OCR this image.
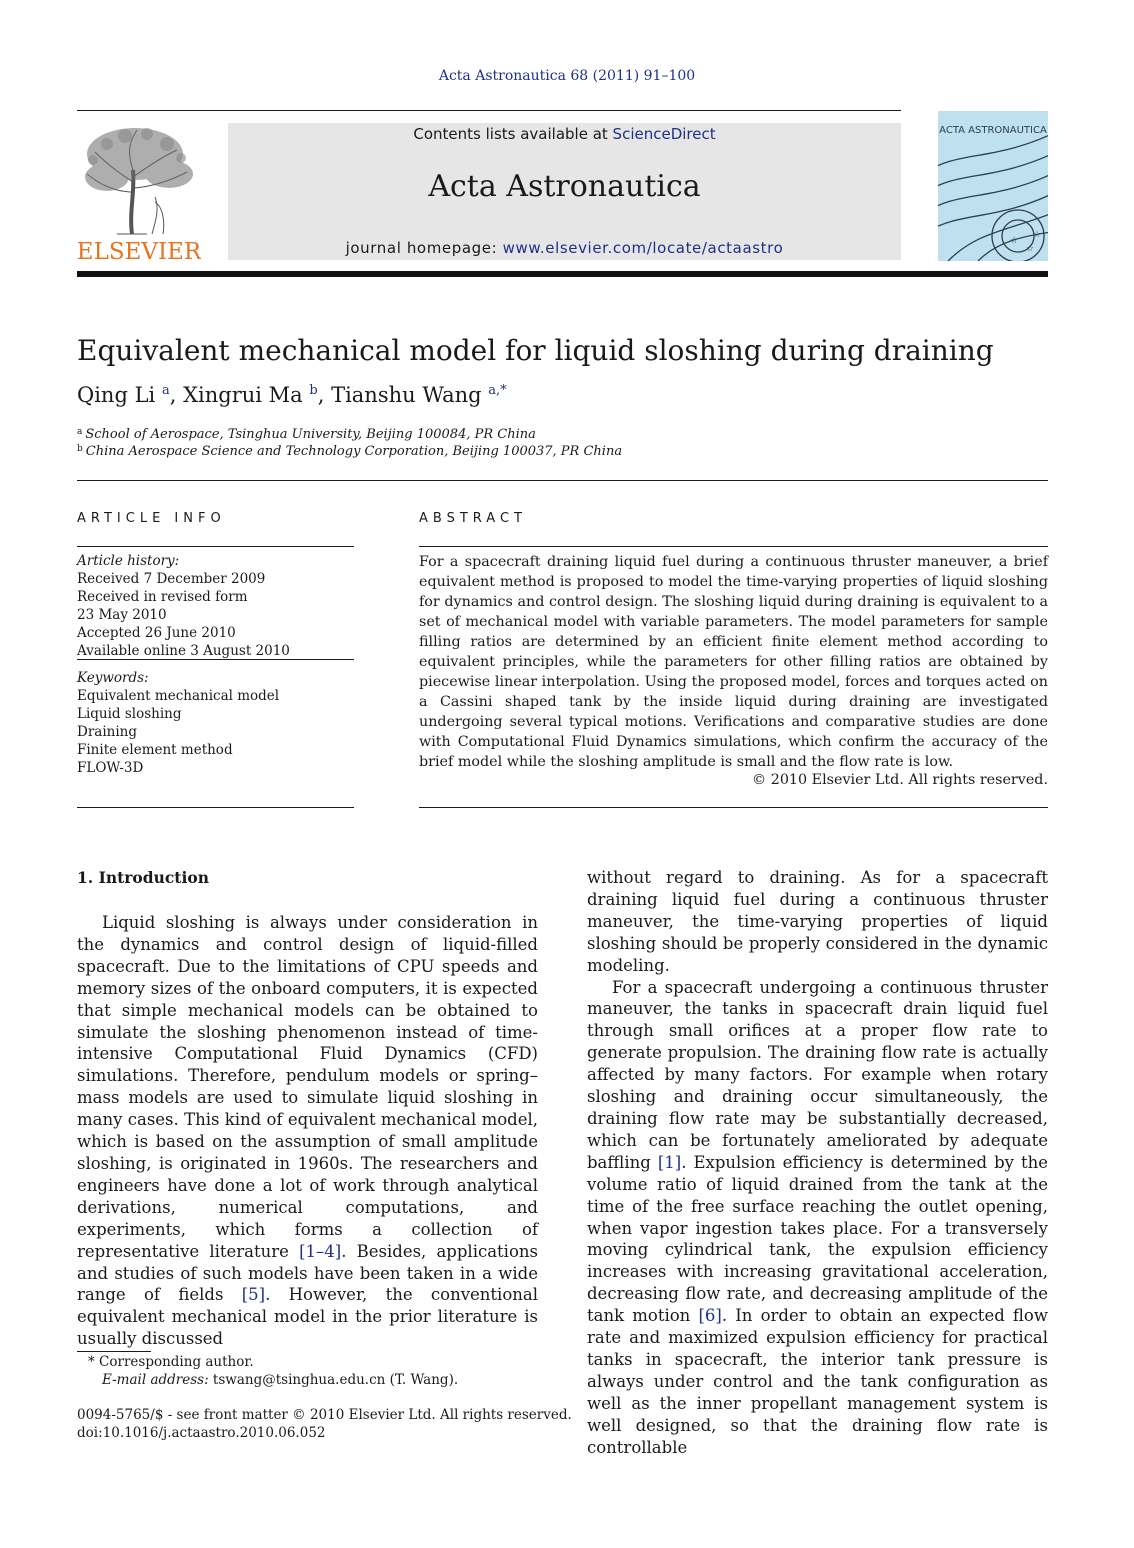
Acta Astronautica 68 (2011) 91–100
ELSEVIER
Contents lists available at ScienceDirect
Acta Astronautica
journal homepage: www.elsevier.com/locate/actaastro
ACTA ASTRONAUTICA
☆
☆
☆
Equivalent mechanical model for liquid sloshing during draining
Qing Li $^a$, Xingrui Ma $^b$, Tianshu Wang $^{a,*}$
$^a$ School of Aerospace, Tsinghua University, Beijing 100084, PR China
$^b$ China Aerospace Science and Technology Corporation, Beijing 100037, PR China
ARTICLE INFO	ABSTRACT
Article history:
Received 7 December 2009
Received in revised form
23 May 2010
Accepted 26 June 2010
Available online 3 August 2010
Keywords:
Equivalent mechanical model
Liquid sloshing
Draining
Finite element method
FLOW-3D
For a spacecraft draining liquid fuel during a continuous thruster maneuver, a brief equivalent method is proposed to model the time-varying properties of liquid sloshing for dynamics and control design. The sloshing liquid during draining is equivalent to a set of mechanical model with variable parameters. The model parameters for sample filling ratios are determined by an efficient finite element method according to equivalent principles, while the parameters for other filling ratios are obtained by piecewise linear interpolation. Using the proposed model, forces and torques acted on a Cassini shaped tank by the inside liquid during draining are investigated undergoing several typical motions. Verifications and comparative studies are done with Computational Fluid Dynamics simulations, which confirm the accuracy of the brief model while the sloshing amplitude is small and the flow rate is low.
© 2010 Elsevier Ltd. All rights reserved.
1. Introduction

Liquid sloshing is always under consideration in the dynamics and control design of liquid-filled spacecraft. Due to the limitations of CPU speeds and memory sizes of the onboard computers, it is expected that simple mechanical models can be obtained to simulate the sloshing phenomenon instead of time-intensive Computational Fluid Dynamics (CFD) simulations. Therefore, pendulum models or spring–mass models are used to simulate liquid sloshing in many cases. This kind of equivalent mechanical model, which is based on the assumption of small amplitude sloshing, is originated in 1960s. The researchers and engineers have done a lot of work through analytical derivations, numerical computations, and experiments, which forms a collection of representative literature [1–4]. Besides, applications and studies of such models have been taken in a wide range of fields [5]. However, the conventional equivalent mechanical model in the prior literature is usually discussed

without regard to draining. As for a spacecraft draining liquid fuel during a continuous thruster maneuver, the time-varying properties of liquid sloshing should be properly considered in the dynamic modeling.

For a spacecraft undergoing a continuous thruster maneuver, the tanks in spacecraft drain liquid fuel through small orifices at a proper flow rate to generate propulsion. The draining flow rate is actually affected by many factors. For example when rotary sloshing and draining occur simultaneously, the draining flow rate may be substantially decreased, which can be fortunately ameliorated by adequate baffling [1]. Expulsion efficiency is determined by the volume ratio of liquid drained from the tank at the time of the free surface reaching the outlet opening, when vapor ingestion takes place. For a transversely moving cylindrical tank, the expulsion efficiency increases with increasing gravitational acceleration, decreasing flow rate, and decreasing amplitude of the tank motion [6]. In order to obtain an expected flow rate and maximized expulsion efficiency for practical tanks in spacecraft, the interior tank pressure is always under control and the tank configuration as well as the inner propellant management system is well designed, so that the draining flow rate is controllable

* Corresponding author.
E-mail address: tswang@tsinghua.edu.cn (T. Wang).
0094-5765/$ - see front matter © 2010 Elsevier Ltd. All rights reserved.
doi:10.1016/j.actaastro.2010.06.052
